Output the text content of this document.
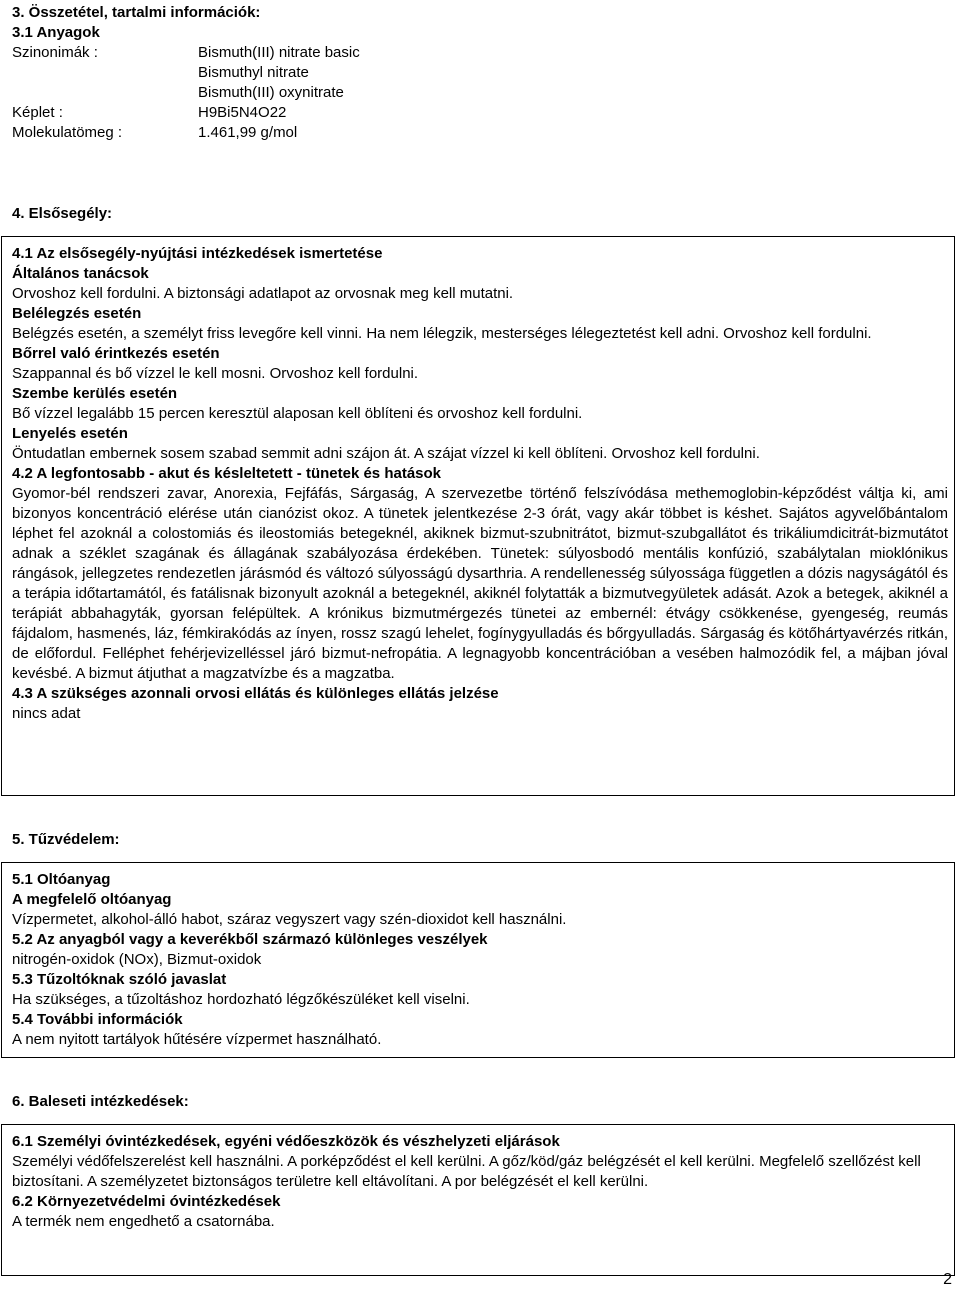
3. Összetétel, tartalmi információk:
3.1 Anyagok
Szinonimák :	Bismuth(III) nitrate basic
Bismuthyl nitrate
Bismuth(III) oxynitrate
Képlet :	H9Bi5N4O22
Molekulatömeg :	1.461,99 g/mol
4. Elsősegély:
4.1 Az elsősegély-nyújtási intézkedések ismertetése
Általános tanácsok
Orvoshoz kell fordulni. A biztonsági adatlapot az orvosnak meg kell mutatni.
Belélegzés esetén
Belégzés esetén, a személyt friss levegőre kell vinni. Ha nem lélegzik, mesterséges lélegeztetést kell adni. Orvoshoz kell fordulni.
Bőrrel való érintkezés esetén
Szappannal és bő vízzel le kell mosni. Orvoshoz kell fordulni.
Szembe kerülés esetén
Bő vízzel legalább 15 percen keresztül alaposan kell öblíteni és orvoshoz kell fordulni.
Lenyelés esetén
Öntudatlan embernek sosem szabad semmit adni szájon át. A szájat vízzel ki kell öblíteni. Orvoshoz kell fordulni.
4.2 A legfontosabb - akut és késleltetett - tünetek és hatások
Gyomor-bél rendszeri zavar, Anorexia, Fejfáfás, Sárgaság, A szervezetbe történő felszívódása methemoglobin-képződést váltja ki, ami bizonyos koncentráció elérése után cianózist okoz. A tünetek jelentkezése 2-3 órát, vagy akár többet is késhet. Sajátos agyvelőbántalom léphet fel azoknál a colostomiás és ileostomiás betegeknél, akiknek bizmut-szubnitrátot, bizmut-szubgallátot és trikáliumdicitrát-bizmutátot adnak a széklet szagának és állagának szabályozása érdekében. Tünetek: súlyosbodó mentális konfúzió, szabálytalan mioklónikus rángások, jellegzetes rendezetlen járásmód és változó súlyosságú dysarthria. A rendellenesség súlyossága független a dózis nagyságától és a terápia időtartamától, és fatálisnak bizonyult azoknál a betegeknél, akiknél folytatták a bizmutvegyületek adását. Azok a betegek, akiknél a terápiát abbahagyták, gyorsan felépültek. A krónikus bizmutmérgezés tünetei az embernél: étvágy csökkenése, gyengeség, reumás fájdalom, hasmenés, láz, fémkirakódás az ínyen, rossz szagú lehelet, fogínygyulladás és bőrgyulladás. Sárgaság és kötőhártyavérzés ritkán, de előfordul. Felléphet fehérjevizelléssel járó bizmut-nefropátia. A legnagyobb koncentrációban a vesében halmozódik fel, a májban jóval kevésbé. A bizmut átjuthat a magzatvízbe és a magzatba.
4.3 A szükséges azonnali orvosi ellátás és különleges ellátás jelzése
nincs adat
5. Tűzvédelem:
5.1 Oltóanyag
A megfelelő oltóanyag
Vízpermetet, alkohol-álló habot, száraz vegyszert vagy szén-dioxidot kell használni.
5.2 Az anyagból vagy a keverékből származó különleges veszélyek
nitrogén-oxidok (NOx), Bizmut-oxidok
5.3 Tűzoltóknak szóló javaslat
Ha szükséges, a tűzoltáshoz hordozható légzőkészüléket kell viselni.
5.4 További információk
A nem nyitott tartályok hűtésére vízpermet használható.
6. Baleseti intézkedések:
6.1 Személyi óvintézkedések, egyéni védőeszközök és vészhelyzeti eljárások
Személyi védőfelszerelést kell használni. A porképződést el kell kerülni. A gőz/köd/gáz belégzését el kell kerülni. Megfelelő szellőzést kell biztosítani. A személyzetet biztonságos területre kell eltávolítani. A por belégzését el kell kerülni.
6.2 Környezetvédelmi óvintézkedések
A termék nem engedhető a csatornába.
2
